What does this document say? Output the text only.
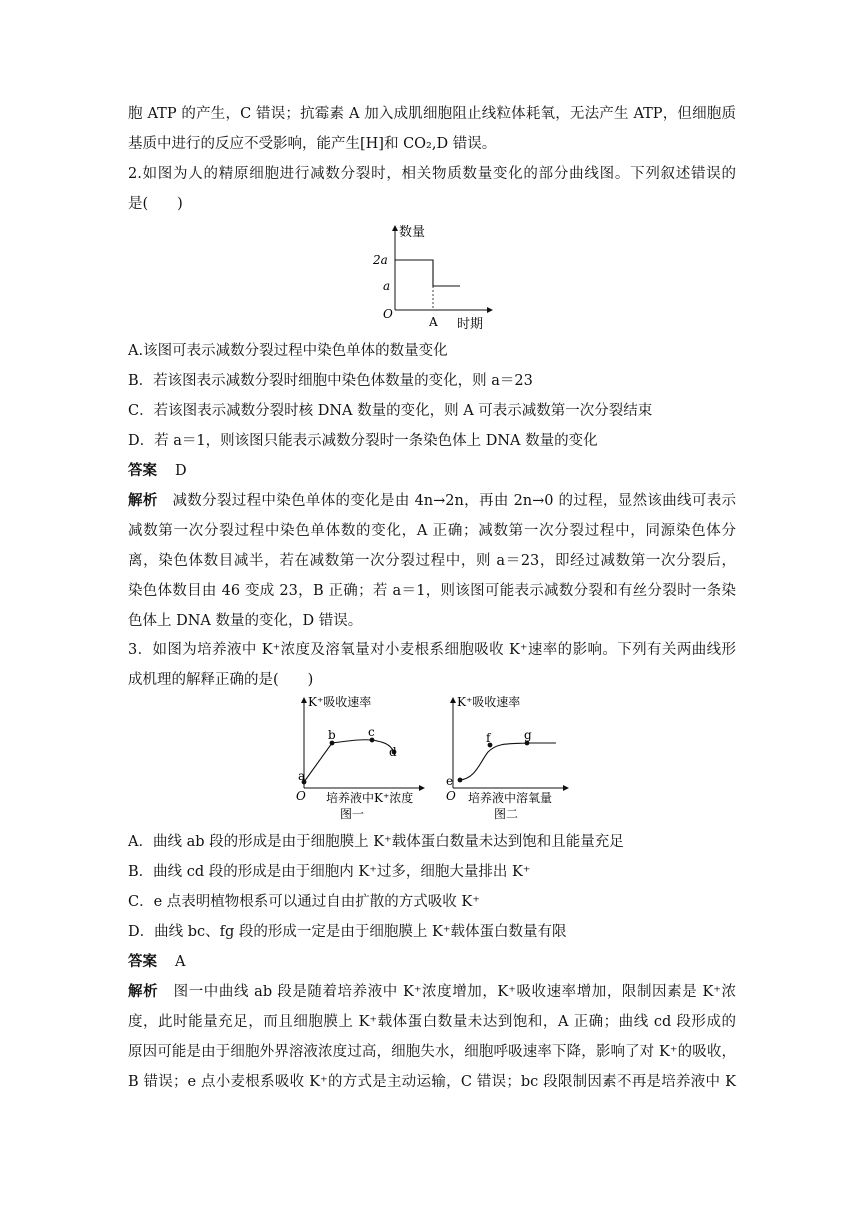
胞 ATP 的产生，C 错误；抗霉素 A 加入成肌细胞阻止线粒体耗氧，无法产生 ATP，但细胞质
基质中进行的反应不受影响，能产生[H]和 CO₂,D 错误。
2.如图为人的精原细胞进行减数分裂时，相关物质数量变化的部分曲线图。下列叙述错误的
是(　　)
数量
2a
a
O
A 时期
A.该图可表示减数分裂过程中染色单体的数量变化
B．若该图表示减数分裂时细胞中染色体数量的变化，则 a＝23
C．若该图表示减数分裂时核 DNA 数量的变化，则 A 可表示减数第一次分裂结束
D．若 a＝1，则该图只能表示减数分裂时一条染色体上 DNA 数量的变化
答案 D
解析 减数分裂过程中染色单体的变化是由 4n→2n，再由 2n→0 的过程，显然该曲线可表示
减数第一次分裂过程中染色单体数的变化，A 正确；减数第一次分裂过程中，同源染色体分
离，染色体数目减半，若在减数第一次分裂过程中，则 a＝23，即经过减数第一次分裂后，
染色体数目由 46 变成 23，B 正确；若 a＝1，则该图可能表示减数分裂和有丝分裂时一条染
色体上 DNA 数量的变化，D 错误。
3．如图为培养液中 K⁺浓度及溶氧量对小麦根系细胞吸收 K⁺速率的影响。下列有关两曲线形
成机理的解释正确的是(　　)
a
b	c
d
K⁺吸收速率
O 培养液中K⁺浓度
图一
e
f	g
K⁺吸收速率
O 培养液中溶氧量
图二
A．曲线 ab 段的形成是由于细胞膜上 K⁺载体蛋白数量未达到饱和且能量充足
B．曲线 cd 段的形成是由于细胞内 K⁺过多，细胞大量排出 K⁺
C．e 点表明植物根系可以通过自由扩散的方式吸收 K⁺
D．曲线 bc、fg 段的形成一定是由于细胞膜上 K⁺载体蛋白数量有限
答案 A
解析 图一中曲线 ab 段是随着培养液中 K⁺浓度增加，K⁺吸收速率增加，限制因素是 K⁺浓
度，此时能量充足，而且细胞膜上 K⁺载体蛋白数量未达到饱和，A 正确；曲线 cd 段形成的
原因可能是由于细胞外界溶液浓度过高，细胞失水，细胞呼吸速率下降，影响了对 K⁺的吸收，
B 错误；e 点小麦根系吸收 K⁺的方式是主动运输，C 错误；bc 段限制因素不再是培养液中 K
